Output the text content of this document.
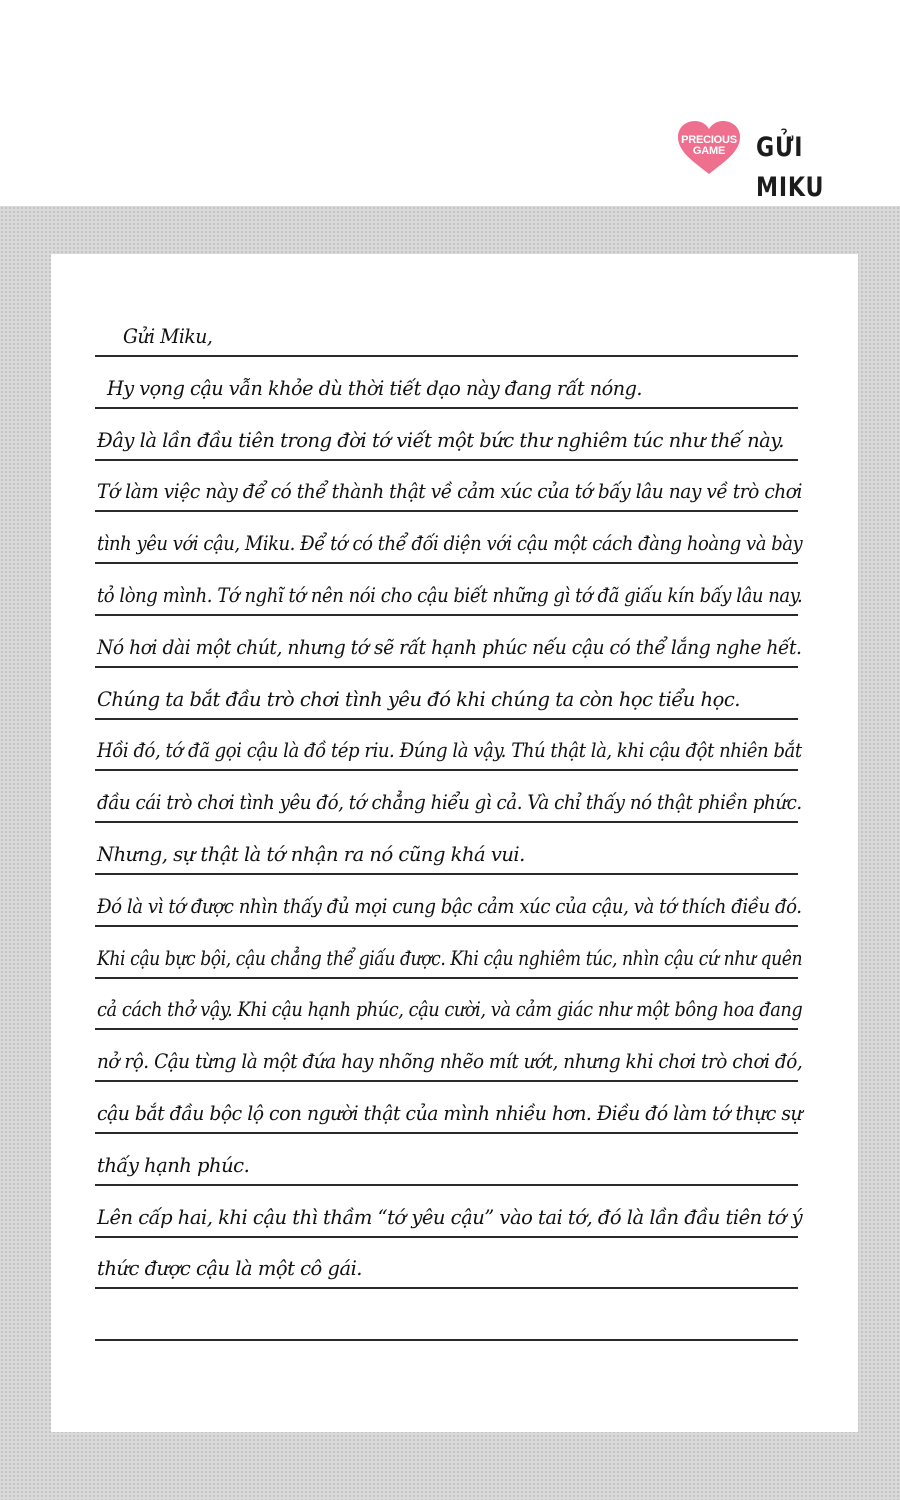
PRECIOUS
GAME	GỬI MIKU
Gửi Miku,
Hy vọng cậu vẫn khỏe dù thời tiết dạo này đang rất nóng.
Đây là lần đầu tiên trong đời tớ viết một bức thư nghiêm túc như thế này.
Tớ làm việc này để có thể thành thật về cảm xúc của tớ bấy lâu nay về trò chơi
tình yêu với cậu, Miku. Để tớ có thể đối diện với cậu một cách đàng hoàng và bày
tỏ lòng mình. Tớ nghĩ tớ nên nói cho cậu biết những gì tớ đã giấu kín bấy lâu nay.
Nó hơi dài một chút, nhưng tớ sẽ rất hạnh phúc nếu cậu có thể lắng nghe hết.
Chúng ta bắt đầu trò chơi tình yêu đó khi chúng ta còn học tiểu học.
Hồi đó, tớ đã gọi cậu là đồ tép riu. Đúng là vậy. Thú thật là, khi cậu đột nhiên bắt
đầu cái trò chơi tình yêu đó, tớ chẳng hiểu gì cả. Và chỉ thấy nó thật phiền phức.
Nhưng, sự thật là tớ nhận ra nó cũng khá vui.
Đó là vì tớ được nhìn thấy đủ mọi cung bậc cảm xúc của cậu, và tớ thích điều đó.
Khi cậu bực bội, cậu chẳng thể giấu được. Khi cậu nghiêm túc, nhìn cậu cứ như quên
cả cách thở vậy. Khi cậu hạnh phúc, cậu cười, và cảm giác như một bông hoa đang
nở rộ. Cậu từng là một đứa hay nhõng nhẽo mít ướt, nhưng khi chơi trò chơi đó,
cậu bắt đầu bộc lộ con người thật của mình nhiều hơn. Điều đó làm tớ thực sự
thấy hạnh phúc.
Lên cấp hai, khi cậu thì thầm “tớ yêu cậu” vào tai tớ, đó là lần đầu tiên tớ ý
thức được cậu là một cô gái.
